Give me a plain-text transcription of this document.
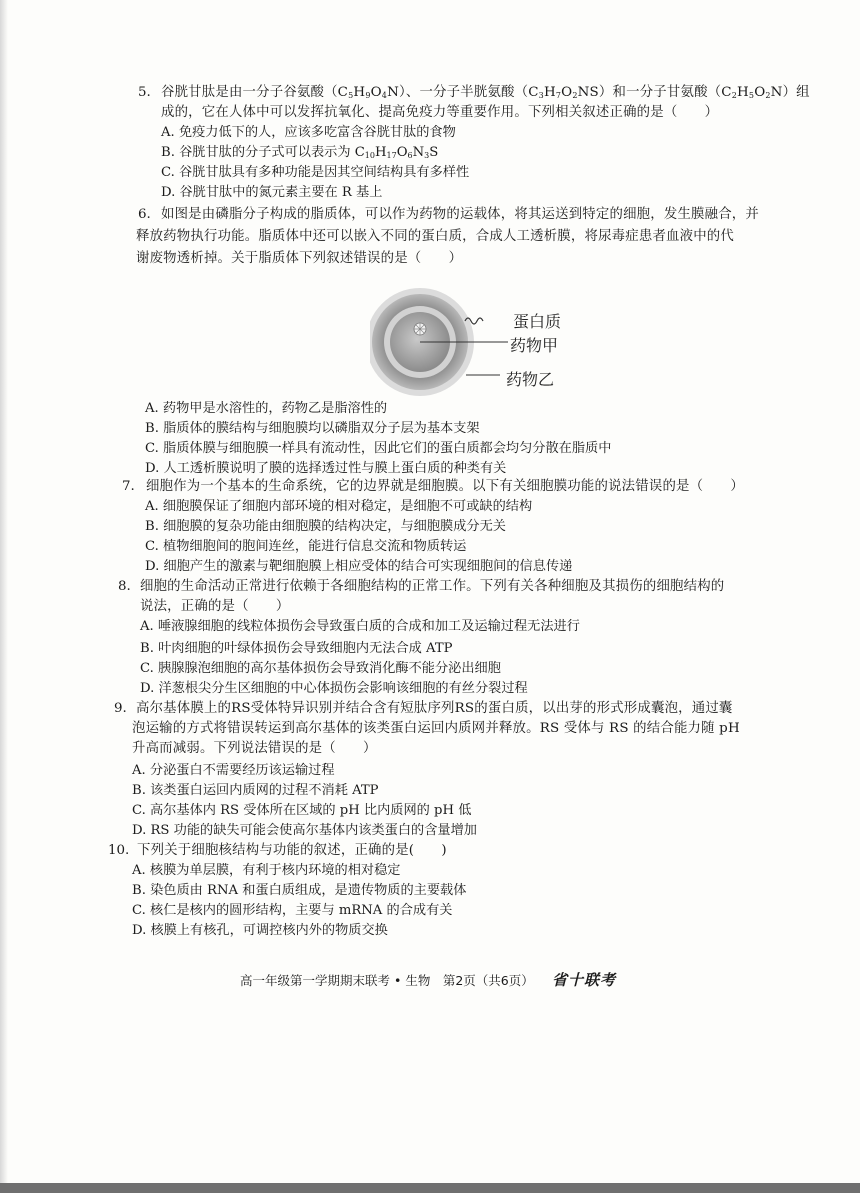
5. 谷胱甘肽是由一分子谷氨酸$(C_5H_9O_4N)$、一分子半胱氨酸$(C_3H_7O_2NS)$和一分子甘氨酸$(C_2H_5O_2N)$组
成的，它在人体中可以发挥抗氧化、提高免疫力等重要作用。下列相关叙述正确的是（　　）
A. 免疫力低下的人，应该多吃富含谷胱甘肽的食物
B. 谷胱甘肽的分子式可以表示为 $C_{10}H_{17}O_6N_3S$
C. 谷胱甘肽具有多种功能是因其空间结构具有多样性
D. 谷胱甘肽中的氮元素主要在 R 基上
6. 如图是由磷脂分子构成的脂质体，可以作为药物的运载体，将其运送到特定的细胞，发生膜融合，并
释放药物执行功能。脂质体中还可以嵌入不同的蛋白质，合成人工透析膜，将尿毒症患者血液中的代
谢废物透析掉。关于脂质体下列叙述错误的是（　　）
蛋白质
药物甲
药物乙
A. 药物甲是水溶性的，药物乙是脂溶性的
B. 脂质体的膜结构与细胞膜均以磷脂双分子层为基本支架
C. 脂质体膜与细胞膜一样具有流动性，因此它们的蛋白质都会均匀分散在脂质中
D. 人工透析膜说明了膜的选择透过性与膜上蛋白质的种类有关
7. 细胞作为一个基本的生命系统，它的边界就是细胞膜。以下有关细胞膜功能的说法错误的是（　　）
A. 细胞膜保证了细胞内部环境的相对稳定，是细胞不可或缺的结构
B. 细胞膜的复杂功能由细胞膜的结构决定，与细胞膜成分无关
C. 植物细胞间的胞间连丝，能进行信息交流和物质转运
D. 细胞产生的激素与靶细胞膜上相应受体的结合可实现细胞间的信息传递
8. 细胞的生命活动正常进行依赖于各细胞结构的正常工作。下列有关各种细胞及其损伤的细胞结构的
说法，正确的是（　　）
A. 唾液腺细胞的线粒体损伤会导致蛋白质的合成和加工及运输过程无法进行
B. 叶肉细胞的叶绿体损伤会导致细胞内无法合成 ATP
C. 胰腺腺泡细胞的高尔基体损伤会导致消化酶不能分泌出细胞
D. 洋葱根尖分生区细胞的中心体损伤会影响该细胞的有丝分裂过程
9. 高尔基体膜上的RS受体特异识别并结合含有短肽序列RS的蛋白质，以出芽的形式形成囊泡，通过囊
泡运输的方式将错误转运到高尔基体的该类蛋白运回内质网并释放。RS 受体与 RS 的结合能力随 pH
升高而减弱。下列说法错误的是（　　）
A. 分泌蛋白不需要经历该运输过程
B. 该类蛋白运回内质网的过程不消耗 ATP
C. 高尔基体内 RS 受体所在区域的 pH 比内质网的 pH 低
D. RS 功能的缺失可能会使高尔基体内该类蛋白的含量增加
10. 下列关于细胞核结构与功能的叙述，正确的是(　　)
A. 核膜为单层膜，有利于核内环境的相对稳定
B. 染色质由 RNA 和蛋白质组成，是遗传物质的主要载体
C. 核仁是核内的圆形结构，主要与 mRNA 的合成有关
D. 核膜上有核孔，可调控核内外的物质交换
高一年级第一学期期末联考 • 生物　第2页（共6页） 省十联考
